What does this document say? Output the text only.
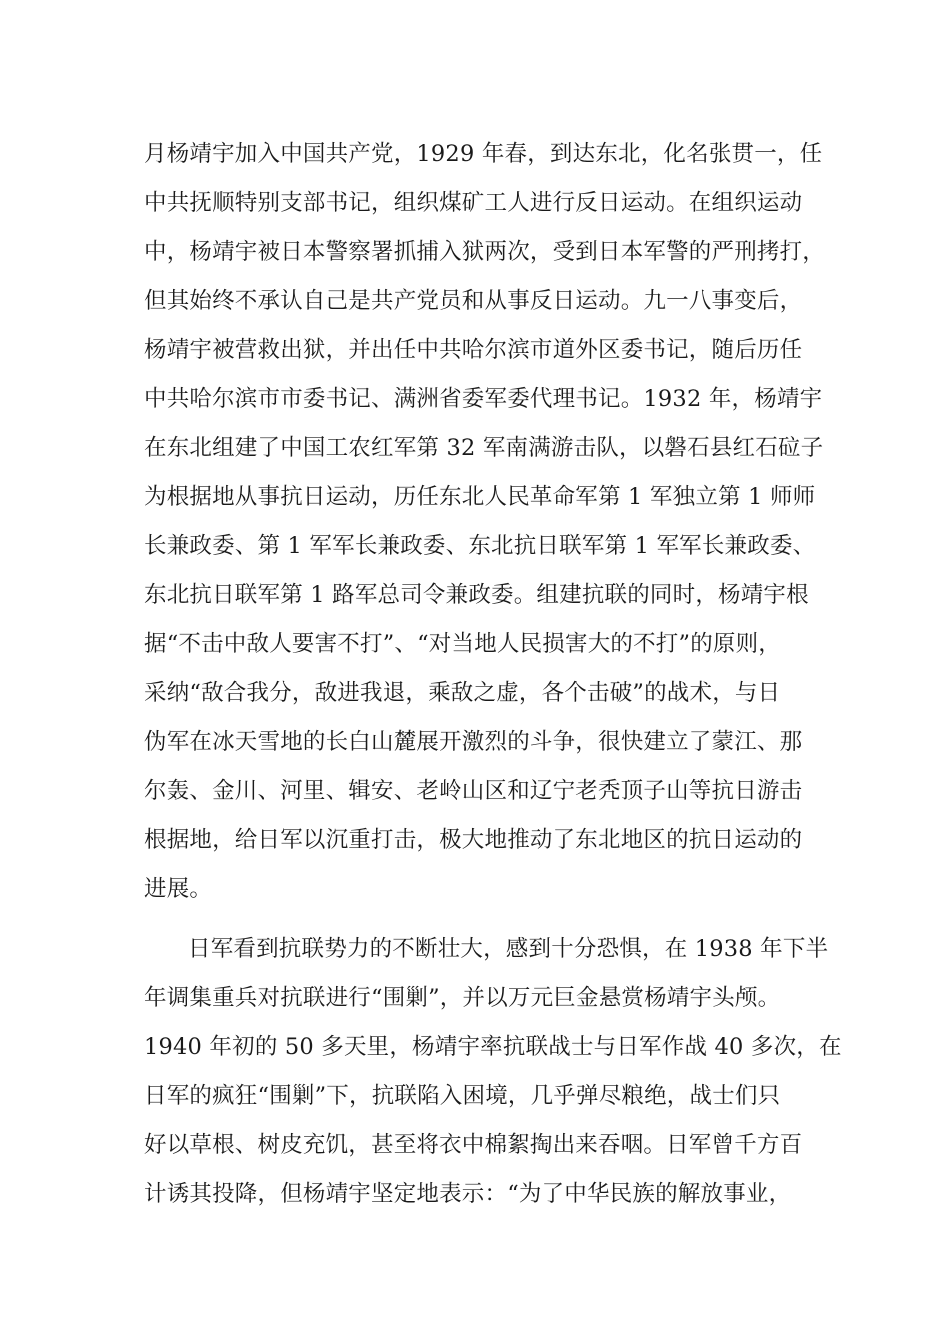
月杨靖宇加入中国共产党，1929 年春，到达东北，化名张贯一，任
中共抚顺特别支部书记，组织煤矿工人进行反日运动。在组织运动
中，杨靖宇被日本警察署抓捕入狱两次，受到日本军警的严刑拷打，
但其始终不承认自己是共产党员和从事反日运动。九一八事变后，
杨靖宇被营救出狱，并出任中共哈尔滨市道外区委书记，随后历任
中共哈尔滨市市委书记、满洲省委军委代理书记。1932 年，杨靖宇
在东北组建了中国工农红军第 32 军南满游击队，以磐石县红石砬子
为根据地从事抗日运动，历任东北人民革命军第 1 军独立第 1 师师
长兼政委、第 1 军军长兼政委、东北抗日联军第 1 军军长兼政委、
东北抗日联军第 1 路军总司令兼政委。组建抗联的同时，杨靖宇根
据“不击中敌人要害不打”、“对当地人民损害大的不打”的原则，
采纳“敌合我分，敌进我退，乘敌之虚，各个击破”的战术，与日
伪军在冰天雪地的长白山麓展开激烈的斗争，很快建立了蒙江、那
尔轰、金川、河里、辑安、老岭山区和辽宁老秃顶子山等抗日游击
根据地，给日军以沉重打击，极大地推动了东北地区的抗日运动的
进展。
日军看到抗联势力的不断壮大，感到十分恐惧，在 1938 年下半
年调集重兵对抗联进行“围剿”，并以万元巨金悬赏杨靖宇头颅。
1940 年初的 50 多天里，杨靖宇率抗联战士与日军作战 40 多次，在
日军的疯狂“围剿”下，抗联陷入困境，几乎弹尽粮绝，战士们只
好以草根、树皮充饥，甚至将衣中棉絮掏出来吞咽。日军曾千方百
计诱其投降，但杨靖宇坚定地表示：“为了中华民族的解放事业，
